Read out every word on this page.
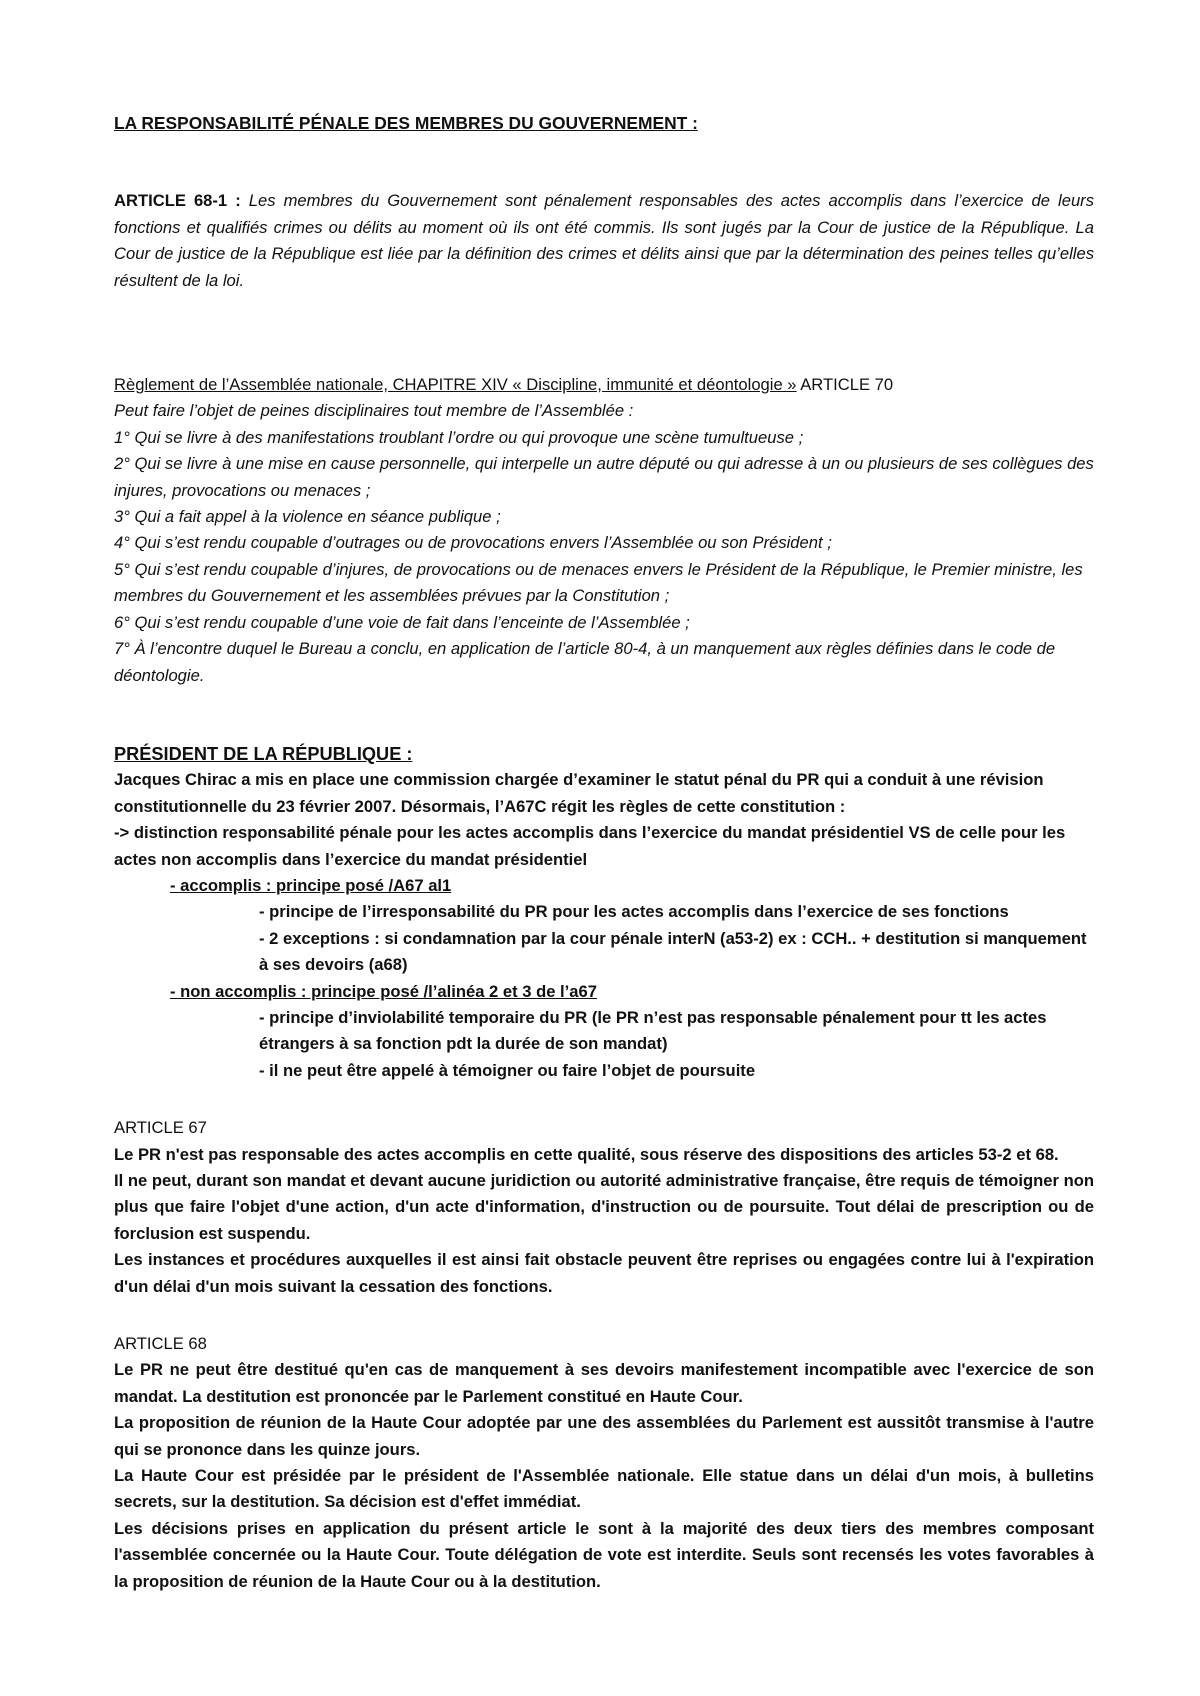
LA RESPONSABILITÉ PÉNALE DES MEMBRES DU GOUVERNEMENT :

ARTICLE 68-1 : Les membres du Gouvernement sont pénalement responsables des actes accomplis dans l’exercice de leurs fonctions et qualifiés crimes ou délits au moment où ils ont été commis. Ils sont jugés par la Cour de justice de la République. La Cour de justice de la République est liée par la définition des crimes et délits ainsi que par la détermination des peines telles qu’elles résultent de la loi.

Règlement de l’Assemblée nationale, CHAPITRE XIV « Discipline, immunité et déontologie » ARTICLE 70

Peut faire l’objet de peines disciplinaires tout membre de l’Assemblée :

1° Qui se livre à des manifestations troublant l’ordre ou qui provoque une scène tumultueuse ;

2° Qui se livre à une mise en cause personnelle, qui interpelle un autre député ou qui adresse à un ou plusieurs de ses collègues des injures, provocations ou menaces ;

3° Qui a fait appel à la violence en séance publique ;

4° Qui s’est rendu coupable d’outrages ou de provocations envers l’Assemblée ou son Président ;

5° Qui s’est rendu coupable d’injures, de provocations ou de menaces envers le Président de la République, le Premier ministre, les membres du Gouvernement et les assemblées prévues par la Constitution ;

6° Qui s’est rendu coupable d’une voie de fait dans l’enceinte de l’Assemblée ;

7° À l’encontre duquel le Bureau a conclu, en application de l’article 80-4, à un manquement aux règles définies dans le code de déontologie.

PRÉSIDENT DE LA RÉPUBLIQUE :

Jacques Chirac a mis en place une commission chargée d’examiner le statut pénal du PR qui a conduit à une révision constitutionnelle du 23 février 2007. Désormais, l’A67C régit les règles de cette constitution :

-> distinction responsabilité pénale pour les actes accomplis dans l’exercice du mandat présidentiel VS de celle pour les actes non accomplis dans l’exercice du mandat présidentiel

- accomplis : principe posé /A67 al1

- principe de l’irresponsabilité du PR pour les actes accomplis dans l’exercice de ses fonctions

- 2 exceptions : si condamnation par la cour pénale interN (a53-2) ex : CCH.. + destitution si manquement à ses devoirs (a68)

- non accomplis : principe posé /l’alinéa 2 et 3 de l’a67

- principe d’inviolabilité temporaire du PR (le PR n’est pas responsable pénalement pour tt les actes étrangers à sa fonction pdt la durée de son mandat)

- il ne peut être appelé à témoigner ou faire l’objet de poursuite

ARTICLE 67

Le PR n'est pas responsable des actes accomplis en cette qualité, sous réserve des dispositions des articles 53-2 et 68.

Il ne peut, durant son mandat et devant aucune juridiction ou autorité administrative française, être requis de témoigner non plus que faire l'objet d'une action, d'un acte d'information, d'instruction ou de poursuite. Tout délai de prescription ou de forclusion est suspendu.

Les instances et procédures auxquelles il est ainsi fait obstacle peuvent être reprises ou engagées contre lui à l'expiration d'un délai d'un mois suivant la cessation des fonctions.

ARTICLE 68

Le PR ne peut être destitué qu'en cas de manquement à ses devoirs manifestement incompatible avec l'exercice de son mandat. La destitution est prononcée par le Parlement constitué en Haute Cour.

La proposition de réunion de la Haute Cour adoptée par une des assemblées du Parlement est aussitôt transmise à l'autre qui se prononce dans les quinze jours.

La Haute Cour est présidée par le président de l'Assemblée nationale. Elle statue dans un délai d'un mois, à bulletins secrets, sur la destitution. Sa décision est d'effet immédiat.

Les décisions prises en application du présent article le sont à la majorité des deux tiers des membres composant l'assemblée concernée ou la Haute Cour. Toute délégation de vote est interdite. Seuls sont recensés les votes favorables à la proposition de réunion de la Haute Cour ou à la destitution.
